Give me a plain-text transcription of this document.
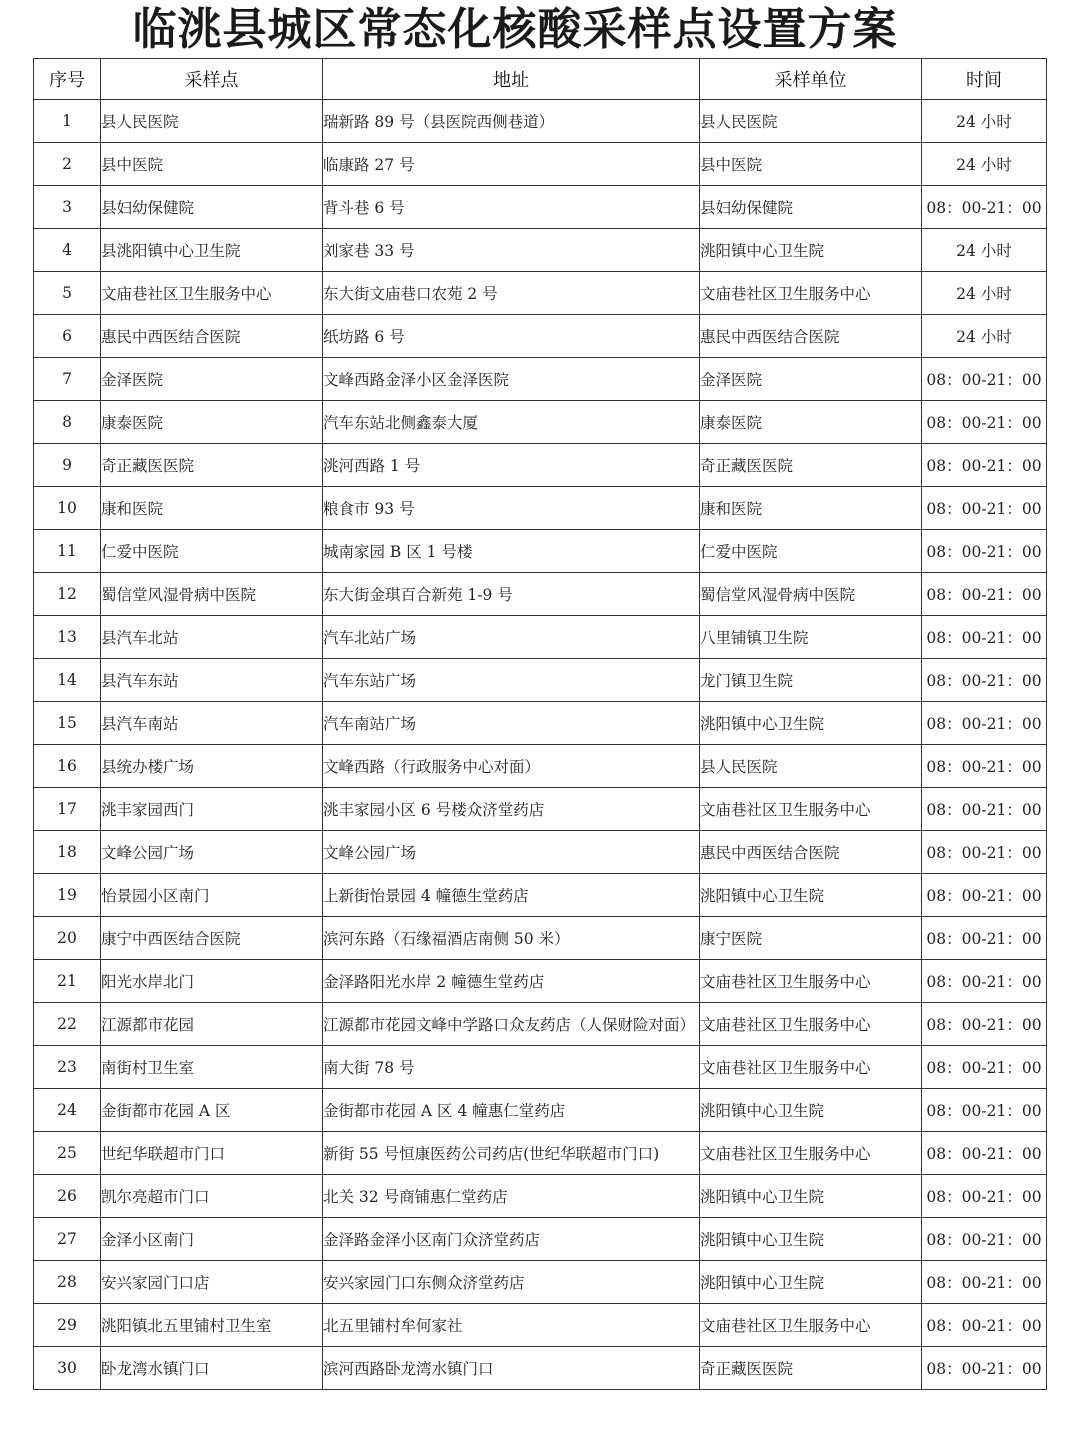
临洮县城区常态化核酸采样点设置方案
序号	采样点	地址	采样单位	时间
1	县人民医院	瑞新路 89 号（县医院西侧巷道）	县人民医院	24 小时
2	县中医院	临康路 27 号	县中医院	24 小时
3	县妇幼保健院	背斗巷 6 号	县妇幼保健院	08：00-21：00
4	县洮阳镇中心卫生院	刘家巷 33 号	洮阳镇中心卫生院	24 小时
5	文庙巷社区卫生服务中心	东大街文庙巷口农苑 2 号	文庙巷社区卫生服务中心	24 小时
6	惠民中西医结合医院	纸坊路 6 号	惠民中西医结合医院	24 小时
7	金泽医院	文峰西路金泽小区金泽医院	金泽医院	08：00-21：00
8	康泰医院	汽车东站北侧鑫泰大厦	康泰医院	08：00-21：00
9	奇正藏医医院	洮河西路 1 号	奇正藏医医院	08：00-21：00
10	康和医院	粮食市 93 号	康和医院	08：00-21：00
11	仁爱中医院	城南家园 B 区 1 号楼	仁爱中医院	08：00-21：00
12	蜀信堂风湿骨病中医院	东大街金琪百合新苑 1-9 号	蜀信堂风湿骨病中医院	08：00-21：00
13	县汽车北站	汽车北站广场	八里铺镇卫生院	08：00-21：00
14	县汽车东站	汽车东站广场	龙门镇卫生院	08：00-21：00
15	县汽车南站	汽车南站广场	洮阳镇中心卫生院	08：00-21：00
16	县统办楼广场	文峰西路（行政服务中心对面）	县人民医院	08：00-21：00
17	洮丰家园西门	洮丰家园小区 6 号楼众济堂药店	文庙巷社区卫生服务中心	08：00-21：00
18	文峰公园广场	文峰公园广场	惠民中西医结合医院	08：00-21：00
19	怡景园小区南门	上新街怡景园 4 幢德生堂药店	洮阳镇中心卫生院	08：00-21：00
20	康宁中西医结合医院	滨河东路（石缘福酒店南侧 50 米）	康宁医院	08：00-21：00
21	阳光水岸北门	金泽路阳光水岸 2 幢德生堂药店	文庙巷社区卫生服务中心	08：00-21：00
22	江源都市花园	江源都市花园文峰中学路口众友药店（人保财险对面）	文庙巷社区卫生服务中心	08：00-21：00
23	南街村卫生室	南大街 78 号	文庙巷社区卫生服务中心	08：00-21：00
24	金街都市花园 A 区	金街都市花园 A 区 4 幢惠仁堂药店	洮阳镇中心卫生院	08：00-21：00
25	世纪华联超市门口	新街 55 号恒康医药公司药店(世纪华联超市门口)	文庙巷社区卫生服务中心	08：00-21：00
26	凯尔亮超市门口	北关 32 号商铺惠仁堂药店	洮阳镇中心卫生院	08：00-21：00
27	金泽小区南门	金泽路金泽小区南门众济堂药店	洮阳镇中心卫生院	08：00-21：00
28	安兴家园门口店	安兴家园门口东侧众济堂药店	洮阳镇中心卫生院	08：00-21：00
29	洮阳镇北五里铺村卫生室	北五里铺村牟何家社	文庙巷社区卫生服务中心	08：00-21：00
30	卧龙湾水镇门口	滨河西路卧龙湾水镇门口	奇正藏医医院	08：00-21：00
